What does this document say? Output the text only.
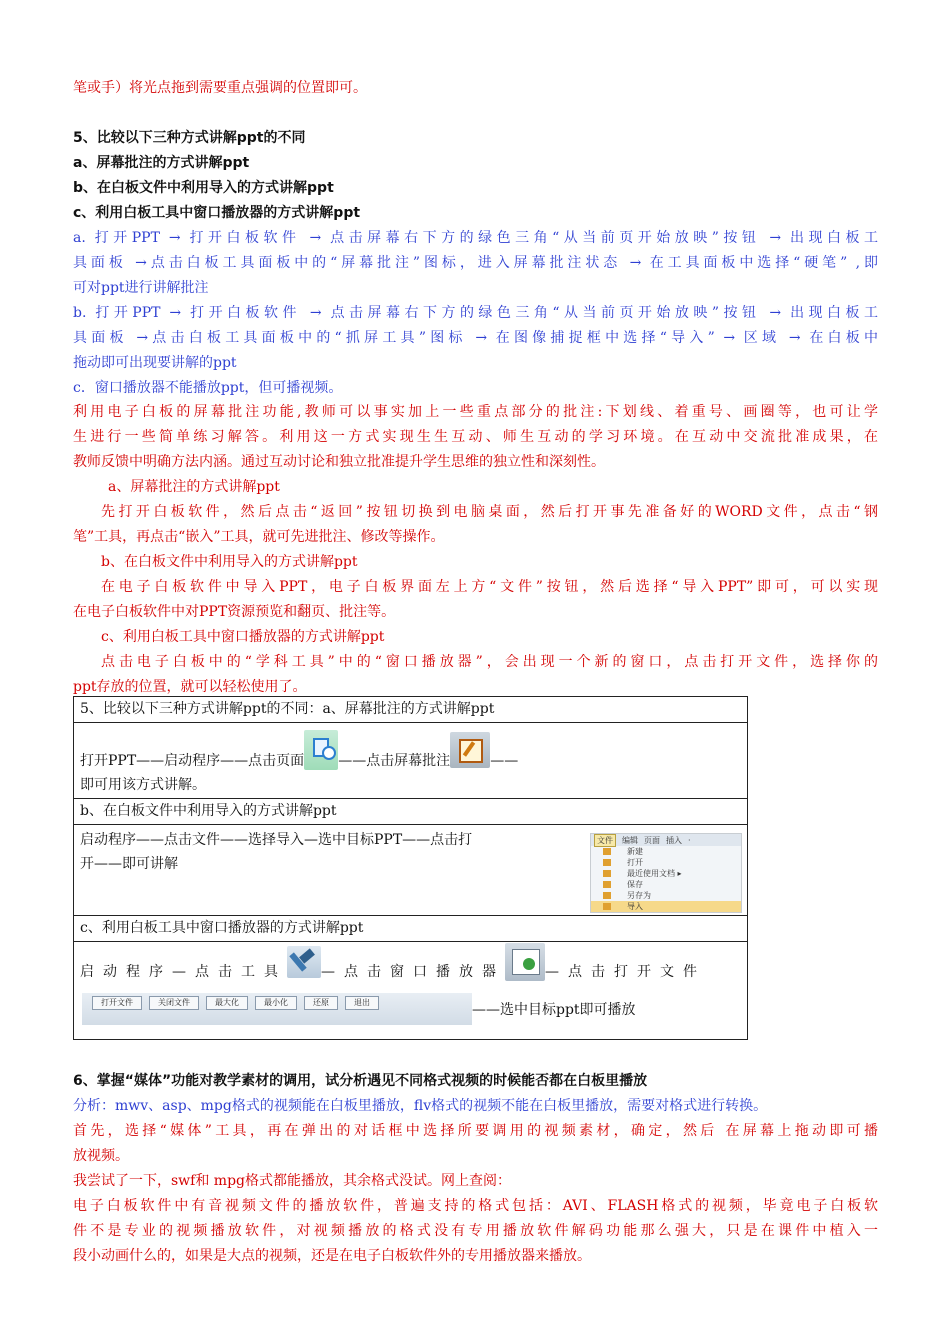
笔或手）将光点拖到需要重点强调的位置即可。
5、比较以下三种方式讲解ppt的不同
a、屏幕批注的方式讲解ppt
b、在白板文件中利用导入的方式讲解ppt
c、利用白板工具中窗口播放器的方式讲解ppt
a. 打开PPT → 打开白板软件 → 点击屏幕右下方的绿色三角“从当前页开始放映”按钮 → 出现白板工
具面板 →点击白板工具面板中的“屏幕批注”图标，进入屏幕批注状态 → 在工具面板中选择“硬笔” ,即
可对ppt进行讲解批注
b. 打开PPT → 打开白板软件 → 点击屏幕右下方的绿色三角“从当前页开始放映”按钮 → 出现白板工
具面板 →点击白板工具面板中的“抓屏工具”图标 → 在图像捕捉框中选择“导入” → 区域 → 在白板中
拖动即可出现要讲解的ppt
c．窗口播放器不能播放ppt，但可播视频。
利用电子白板的屏幕批注功能,教师可以事实加上一些重点部分的批注:下划线、着重号、画圈等，也可让学
生进行一些简单练习解答。利用这一方式实现生生互动、师生互动的学习环境。在互动中交流批准成果，在
教师反馈中明确方法内涵。通过互动讨论和独立批准提升学生思维的独立性和深刻性。
a、屏幕批注的方式讲解ppt
先打开白板软件，然后点击“返回”按钮切换到电脑桌面，然后打开事先准备好的WORD文件，点击“钢
笔”工具，再点击“嵌入”工具，就可先进批注、修改等操作。
b、在白板文件中利用导入的方式讲解ppt
在电子白板软件中导入PPT，电子白板界面左上方“文件”按钮，然后选择“导入PPT”即可，可以实现
在电子白板软件中对PPT资源预览和翻页、批注等。
c、利用白板工具中窗口播放器的方式讲解ppt
点击电子白板中的“学科工具”中的“窗口播放器”，会出现一个新的窗口，点击打开文件，选择你的
ppt存放的位置，就可以轻松使用了。
5、比较以下三种方式讲解ppt的不同：a、屏幕批注的方式讲解ppt

打开PPT——启动程序——点击页面 ——点击屏幕批注	——
即可用该方式讲解。

b、在白板文件中利用导入的方式讲解ppt

启动程序——点击文件——选择导入—选中目标PPT——点击打
开——即可讲解

c、利用白板工具中窗口播放器的方式讲解ppt

启动程序—点击工具 —点击窗口播放器	—点击打开文件
——选中目标ppt即可播放
文件	编辑 页面 插入 ·
新建
打开
最近使用文档 ▸
保存
另存为
导入
打开文件	关闭文件	最大化	最小化	还原	退出
6、掌握“媒体”功能对教学素材的调用，试分析遇见不同格式视频的时候能否都在白板里播放
分析：mwv、asp、mpg格式的视频能在白板里播放，flv格式的视频不能在白板里播放，需要对格式进行转换。
首先，选择“媒体”工具，再在弹出的对话框中选择所要调用的视频素材，确定，然后 在屏幕上拖动即可播
放视频。
我尝试了一下，swf和 mpg格式都能播放，其余格式没试。网上查阅：
电子白板软件中有音视频文件的播放软件，普遍支持的格式包括：AVI、FLASH格式的视频，毕竟电子白板软
件不是专业的视频播放软件，对视频播放的格式没有专用播放软件解码功能那么强大，只是在课件中植入一
段小动画什么的，如果是大点的视频，还是在电子白板软件外的专用播放器来播放。
